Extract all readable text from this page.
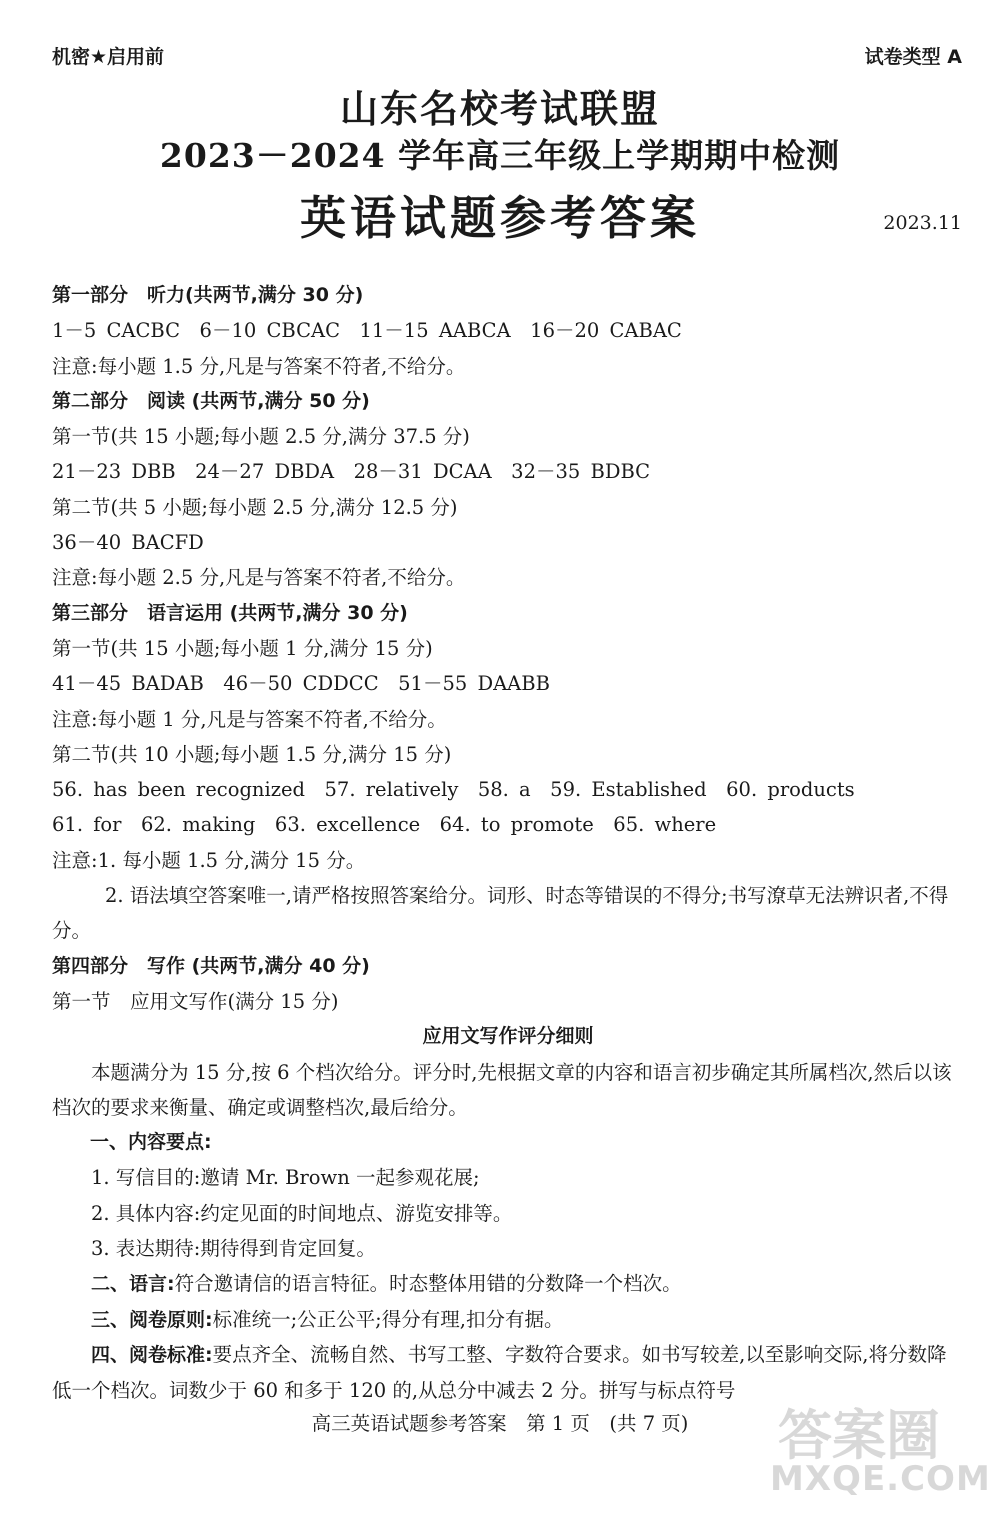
机密★启用前	试卷类型 A
山东名校考试联盟
2023－2024 学年高三年级上学期期中检测
英语试题参考答案	2023.11
第一部分　听力(共两节,满分 30 分)
1－5 CACBC　6－10 CBCAC　11－15 AABCA　16－20 CABAC
注意:每小题 1.5 分,凡是与答案不符者,不给分。
第二部分　阅读 (共两节,满分 50 分)
第一节(共 15 小题;每小题 2.5 分,满分 37.5 分)
21－23 DBB　24－27 DBDA　28－31 DCAA　32－35 BDBC
第二节(共 5 小题;每小题 2.5 分,满分 12.5 分)
36－40 BACFD
注意:每小题 2.5 分,凡是与答案不符者,不给分。
第三部分　语言运用 (共两节,满分 30 分)
第一节(共 15 小题;每小题 1 分,满分 15 分)
41－45 BADAB　46－50 CDDCC　51－55 DAABB
注意:每小题 1 分,凡是与答案不符者,不给分。
第二节(共 10 小题;每小题 1.5 分,满分 15 分)
56. has been recognized　57. relatively　58. a　59. Established　60. products
61. for　62. making　63. excellence　64. to promote　65. where
注意:1. 每小题 1.5 分,满分 15 分。
2. 语法填空答案唯一,请严格按照答案给分。词形、时态等错误的不得分;书写潦草无法辨识者,不得分。
第四部分　写作 (共两节,满分 40 分)
第一节　应用文写作(满分 15 分)
应用文写作评分细则
本题满分为 15 分,按 6 个档次给分。评分时,先根据文章的内容和语言初步确定其所属档次,然后以该档次的要求来衡量、确定或调整档次,最后给分。
一、内容要点:
1. 写信目的:邀请 Mr. Brown 一起参观花展;
2. 具体内容:约定见面的时间地点、游览安排等。
3. 表达期待:期待得到肯定回复。
二、语言:符合邀请信的语言特征。时态整体用错的分数降一个档次。
三、阅卷原则:标准统一;公正公平;得分有理,扣分有据。
四、阅卷标准:要点齐全、流畅自然、书写工整、字数符合要求。如书写较差,以至影响交际,将分数降低一个档次。词数少于 60 和多于 120 的,从总分中减去 2 分。拼写与标点符号
高三英语试题参考答案　第 1 页　(共 7 页)	答案圈
MXQE.COM
